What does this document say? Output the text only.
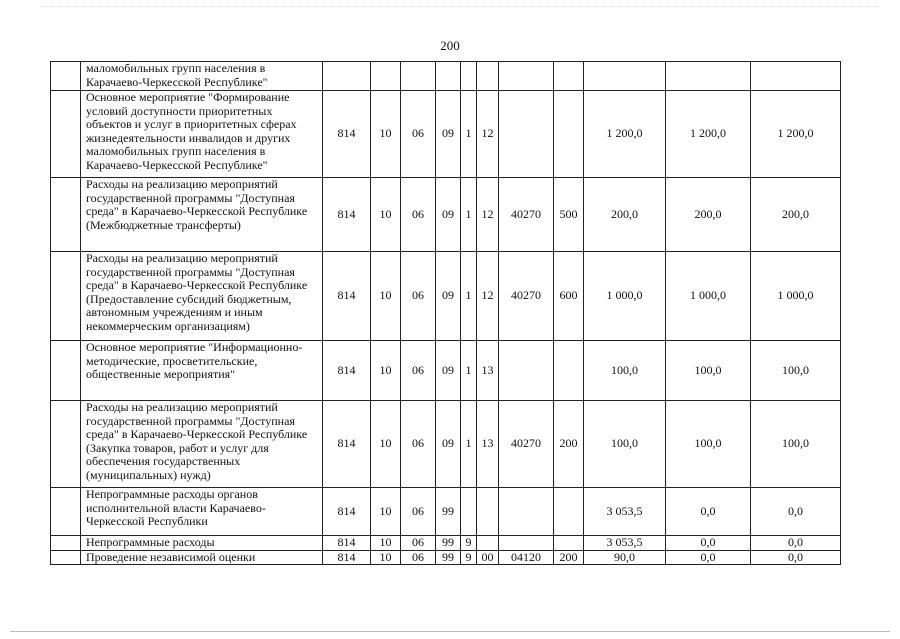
200
	маломобильных групп населения в Карачаево-Черкесской Республике"											
	Основное мероприятие "Формирование условий доступности приоритетных объектов и услуг в приоритетных сферах жизнедеятельности инвалидов и других маломобильных групп населения в Карачаево-Черкесской Республике"	814	10	06	09	1	12			1 200,0	1 200,0	1 200,0
	Расходы на реализацию мероприятий государственной программы "Доступная среда" в Карачаево-Черкесской Республике (Межбюджетные трансферты)	814	10	06	09	1	12	40270	500	200,0	200,0	200,0
	Расходы на реализацию мероприятий государственной программы "Доступная среда" в Карачаево-Черкесской Республике (Предоставление субсидий бюджетным, автономным учреждениям и иным некоммерческим организациям)	814	10	06	09	1	12	40270	600	1 000,0	1 000,0	1 000,0
	Основное мероприятие "Информационно-методические, просветительские, общественные мероприятия"	814	10	06	09	1	13			100,0	100,0	100,0
	Расходы на реализацию мероприятий государственной программы "Доступная среда" в Карачаево-Черкесской Республике (Закупка товаров, работ и услуг для обеспечения государственных (муниципальных) нужд)	814	10	06	09	1	13	40270	200	100,0	100,0	100,0
	Непрограммные расходы органов исполнительной власти Карачаево-Черкесской Республики	814	10	06	99					3 053,5	0,0	0,0
	Непрограммные расходы	814	10	06	99	9				3 053,5	0,0	0,0
	Проведение независимой оценки	814	10	06	99	9	00	04120	200	90,0	0,0	0,0
